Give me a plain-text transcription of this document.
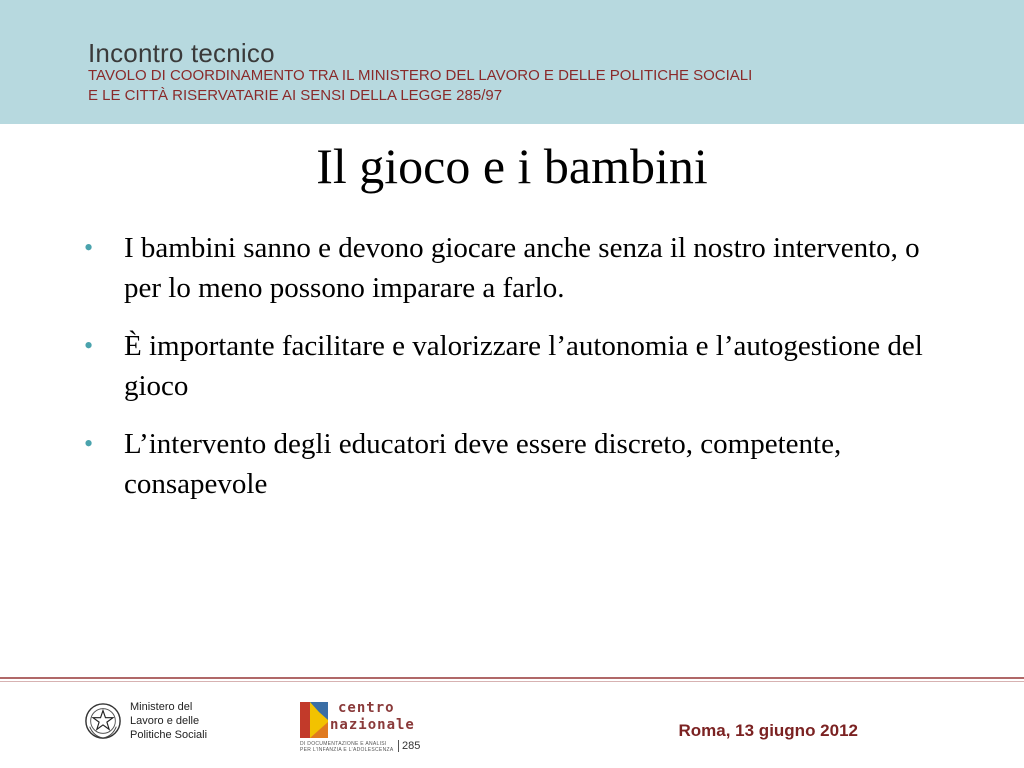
Incontro tecnico
TAVOLO DI COORDINAMENTO TRA IL MINISTERO DEL LAVORO E DELLE POLITICHE SOCIALI
E LE CITTÀ RISERVATARIE AI SENSI DELLA LEGGE 285/97
Il gioco e i bambini
• I bambini sanno e devono giocare anche senza il nostro intervento, o per lo meno possono imparare a farlo.
• È importante facilitare e valorizzare l’autonomia e l’autogestione del gioco
• L’intervento degli educatori deve essere discreto, competente, consapevole
Ministero del
Lavoro e delle
Politiche Sociali
centro
nazionale
DI DOCUMENTAZIONE E ANALISI
PER L’INFANZIA E L’ADOLESCENZA 285
Roma, 13 giugno 2012
